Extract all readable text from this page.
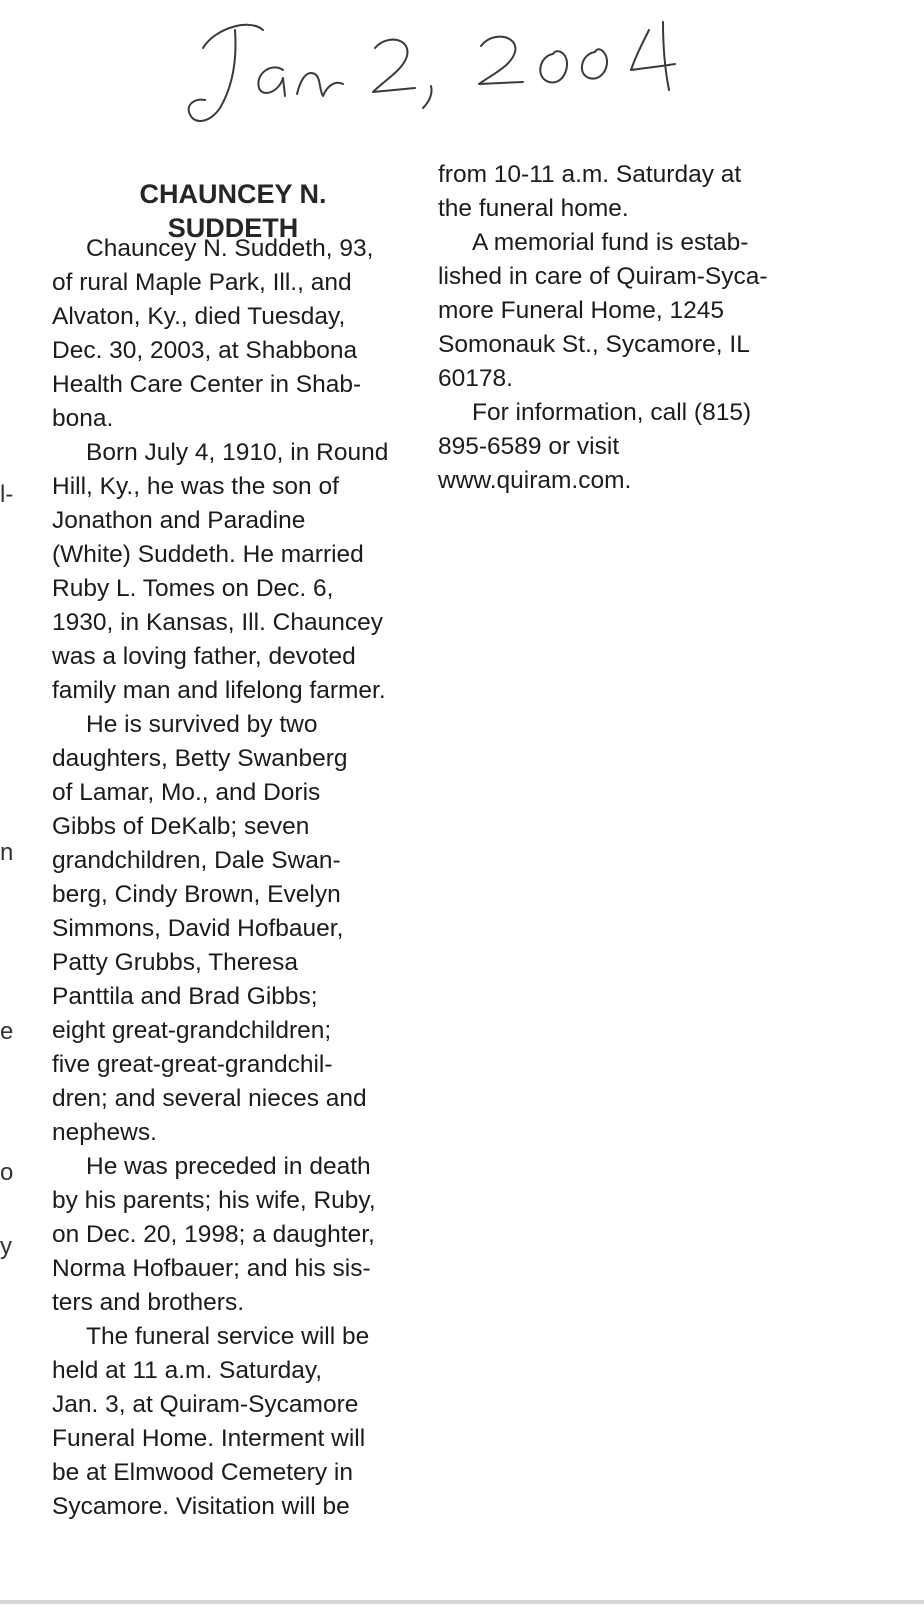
CHAUNCEY N.
SUDDETH
Chauncey N. Suddeth, 93,
of rural Maple Park, Ill., and
Alvaton, Ky., died Tuesday,
Dec. 30, 2003, at Shabbona
Health Care Center in Shab-
bona.
Born July 4, 1910, in Round
Hill, Ky., he was the son of
Jonathon and Paradine
(White) Suddeth. He married
Ruby L. Tomes on Dec. 6,
1930, in Kansas, Ill. Chauncey
was a loving father, devoted
family man and lifelong farmer.
He is survived by two
daughters, Betty Swanberg
of Lamar, Mo., and Doris
Gibbs of DeKalb; seven
grandchildren, Dale Swan-
berg, Cindy Brown, Evelyn
Simmons, David Hofbauer,
Patty Grubbs, Theresa
Panttila and Brad Gibbs;
eight great-grandchildren;
five great-great-grandchil-
dren; and several nieces and
nephews.
He was preceded in death
by his parents; his wife, Ruby,
on Dec. 20, 1998; a daughter,
Norma Hofbauer; and his sis-
ters and brothers.
The funeral service will be
held at 11 a.m. Saturday,
Jan. 3, at Quiram-Sycamore
Funeral Home. Interment will
be at Elmwood Cemetery in
Sycamore. Visitation will be
from 10-11 a.m. Saturday at
the funeral home.
A memorial fund is estab-
lished in care of Quiram-Syca-
more Funeral Home, 1245
Somonauk St., Sycamore, IL
60178.
For information, call (815)
895-6589 or visit
www.quiram.com.
l-
n
e
o
y
